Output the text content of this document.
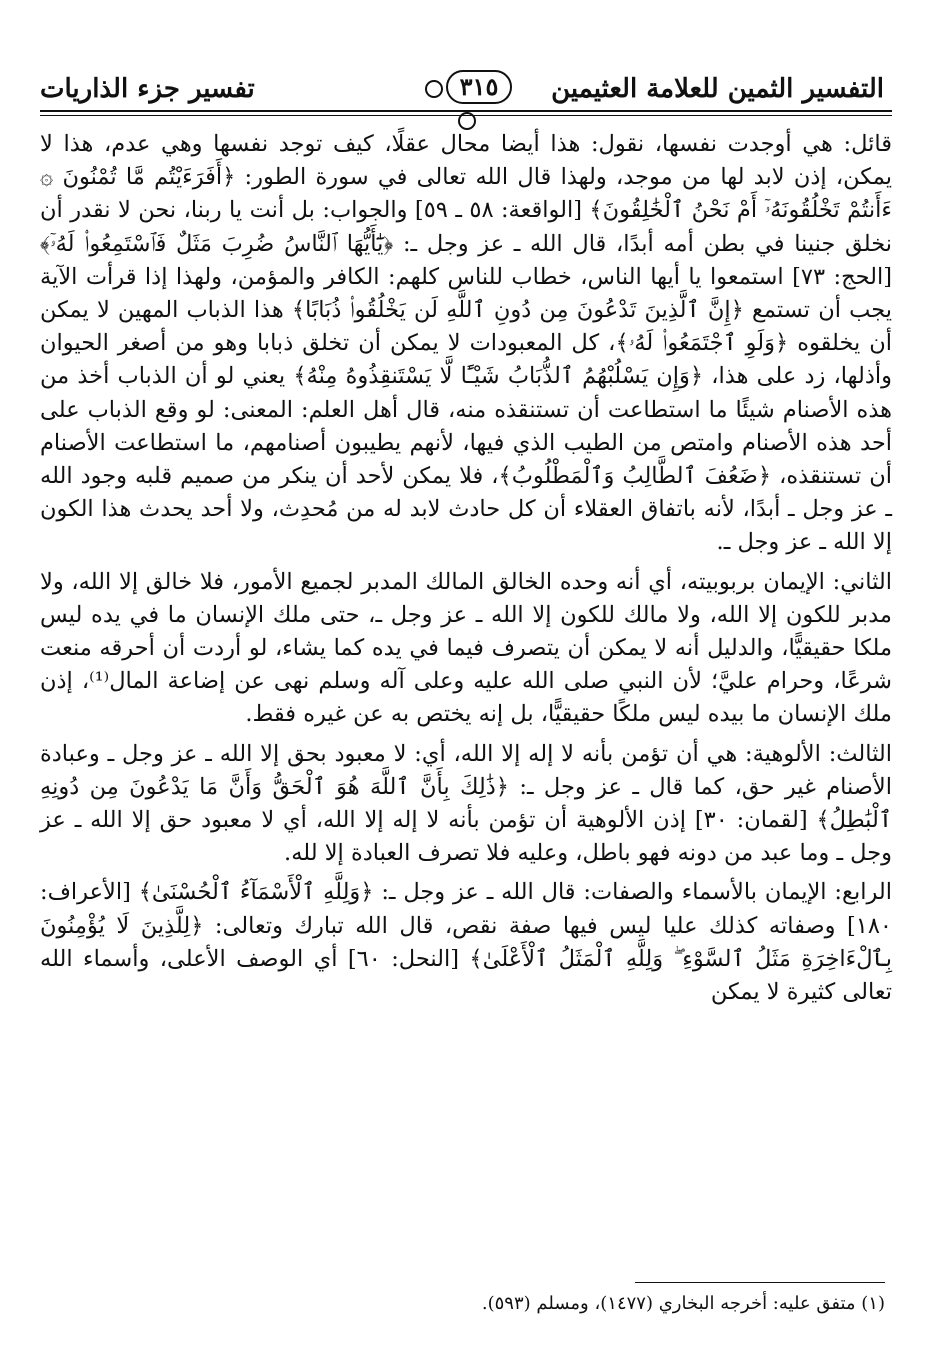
التفسير الثمين للعلامة العثيمين
٣١٥
تفسير جزء الذاريات

قائل: هي أوجدت نفسها، نقول: هذا أيضا محال عقلًا، كيف توجد نفسها وهي عدم، هذا لا يمكن، إذن لابد لها من موجد، ولهذا قال الله تعالى في سورة الطور: ﴿أَفَرَءَيْتُم مَّا تُمْنُونَ ۞ ءَأَنتُمْ تَخْلُقُونَهُۥٓ أَمْ نَحْنُ ٱلْخَٰلِقُونَ﴾ [الواقعة: ٥٨ ـ ٥٩] والجواب: بل أنت يا ربنا، نحن لا نقدر أن نخلق جنينا في بطن أمه أبدًا، قال الله ـ عز وجل ـ: ﴿يَٰٓأَيُّهَا ٱلنَّاسُ ضُرِبَ مَثَلٌ فَٱسْتَمِعُوا۟ لَهُۥٓ﴾ [الحج: ٧٣] استمعوا يا أيها الناس، خطاب للناس كلهم: الكافر والمؤمن، ولهذا إذا قرأت الآية يجب أن تستمع ﴿إِنَّ ٱلَّذِينَ تَدْعُونَ مِن دُونِ ٱللَّهِ لَن يَخْلُقُوا۟ ذُبَابًا﴾ هذا الذباب المهين لا يمكن أن يخلقوه ﴿وَلَوِ ٱجْتَمَعُوا۟ لَهُۥ﴾، كل المعبودات لا يمكن أن تخلق ذبابا وهو من أصغر الحيوان وأذلها، زد على هذا، ﴿وَإِن يَسْلُبْهُمُ ٱلذُّبَابُ شَيْـًٔا لَّا يَسْتَنقِذُوهُ مِنْهُ﴾ يعني لو أن الذباب أخذ من هذه الأصنام شيئًا ما استطاعت أن تستنقذه منه، قال أهل العلم: المعنى: لو وقع الذباب على أحد هذه الأصنام وامتص من الطيب الذي فيها، لأنهم يطيبون أصنامهم، ما استطاعت الأصنام أن تستنقذه، ﴿ضَعُفَ ٱلطَّالِبُ وَٱلْمَطْلُوبُ﴾، فلا يمكن لأحد أن ينكر من صميم قلبه وجود الله ـ عز وجل ـ أبدًا، لأنه باتفاق العقلاء أن كل حادث لابد له من مُحدِث، ولا أحد يحدث هذا الكون إلا الله ـ عز وجل ـ.

الثاني: الإيمان بربوبيته، أي أنه وحده الخالق المالك المدبر لجميع الأمور، فلا خالق إلا الله، ولا مدبر للكون إلا الله، ولا مالك للكون إلا الله ـ عز وجل ـ، حتى ملك الإنسان ما في يده ليس ملكا حقيقيًّا، والدليل أنه لا يمكن أن يتصرف فيما في يده كما يشاء، لو أردت أن أحرقه منعت شرعًا، وحرام عليَّ؛ لأن النبي صلى الله عليه وعلى آله وسلم نهى عن إضاعة المال⁽¹⁾، إذن ملك الإنسان ما بيده ليس ملكًا حقيقيًّا، بل إنه يختص به عن غيره فقط.

الثالث: الألوهية: هي أن تؤمن بأنه لا إله إلا الله، أي: لا معبود بحق إلا الله ـ عز وجل ـ وعبادة الأصنام غير حق، كما قال ـ عز وجل ـ: ﴿ذَٰلِكَ بِأَنَّ ٱللَّهَ هُوَ ٱلْحَقُّ وَأَنَّ مَا يَدْعُونَ مِن دُونِهِ ٱلْبَٰطِلُ﴾ [لقمان: ٣٠] إذن الألوهية أن تؤمن بأنه لا إله إلا الله، أي لا معبود حق إلا الله ـ عز وجل ـ وما عبد من دونه فهو باطل، وعليه فلا تصرف العبادة إلا لله.

الرابع: الإيمان بالأسماء والصفات: قال الله ـ عز وجل ـ: ﴿وَلِلَّهِ ٱلْأَسْمَآءُ ٱلْحُسْنَىٰ﴾ [الأعراف: ١٨٠] وصفاته كذلك عليا ليس فيها صفة نقص، قال الله تبارك وتعالى: ﴿لِلَّذِينَ لَا يُؤْمِنُونَ بِٱلْءَاخِرَةِ مَثَلُ ٱلسَّوْءِ ۖ وَلِلَّهِ ٱلْمَثَلُ ٱلْأَعْلَىٰ﴾ [النحل: ٦٠] أي الوصف الأعلى، وأسماء الله تعالى كثيرة لا يمكن

(١) متفق عليه: أخرجه البخاري (١٤٧٧)، ومسلم (٥٩٣).
